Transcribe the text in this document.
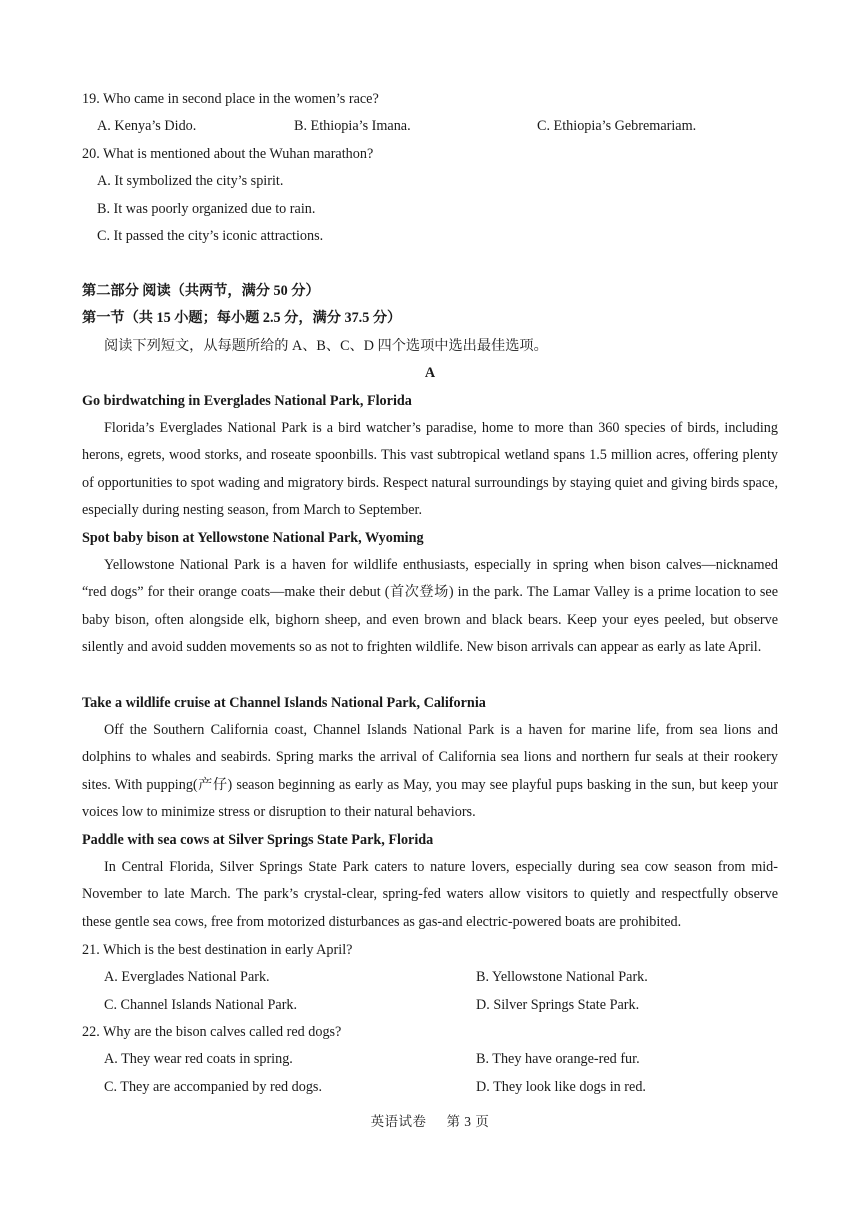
19. Who came in second place in the women’s race?
A. Kenya’s Dido.	B. Ethiopia’s Imana.	C. Ethiopia’s Gebremariam.
20. What is mentioned about the Wuhan marathon?
A. It symbolized the city’s spirit.
B. It was poorly organized due to rain.
C. It passed the city’s iconic attractions.
第二部分 阅读（共两节，满分 50 分）
第一节（共 15 小题；每小题 2.5 分，满分 37.5 分）
阅读下列短文，从每题所给的 A、B、C、D 四个选项中选出最佳选项。
A
Go birdwatching in Everglades National Park, Florida
Florida’s Everglades National Park is a bird watcher’s paradise, home to more than 360 species of birds, including herons, egrets, wood storks, and roseate spoonbills. This vast subtropical wetland spans 1.5 million acres, offering plenty of opportunities to spot wading and migratory birds. Respect natural surroundings by staying quiet and giving birds space, especially during nesting season, from March to September.
Spot baby bison at Yellowstone National Park, Wyoming
Yellowstone National Park is a haven for wildlife enthusiasts, especially in spring when bison calves—nicknamed “red dogs” for their orange coats—make their debut (首次登场) in the park. The Lamar Valley is a prime location to see baby bison, often alongside elk, bighorn sheep, and even brown and black bears. Keep your eyes peeled, but observe silently and avoid sudden movements so as not to frighten wildlife. New bison arrivals can appear as early as late April.
Take a wildlife cruise at Channel Islands National Park, California
Off the Southern California coast, Channel Islands National Park is a haven for marine life, from sea lions and dolphins to whales and seabirds. Spring marks the arrival of California sea lions and northern fur seals at their rookery sites. With pupping(产仔) season beginning as early as May, you may see playful pups basking in the sun, but keep your voices low to minimize stress or disruption to their natural behaviors.
Paddle with sea cows at Silver Springs State Park, Florida
In Central Florida, Silver Springs State Park caters to nature lovers, especially during sea cow season from mid-November to late March. The park’s crystal-clear, spring-fed waters allow visitors to quietly and respectfully observe these gentle sea cows, free from motorized disturbances as gas-and electric-powered boats are prohibited.
21. Which is the best destination in early April?
A. Everglades National Park.	B. Yellowstone National Park.
C. Channel Islands National Park.	D. Silver Springs State Park.
22. Why are the bison calves called red dogs?
A. They wear red coats in spring.	B. They have orange-red fur.
C. They are accompanied by red dogs.	D. They look like dogs in red.
英语试卷 第 3 页
